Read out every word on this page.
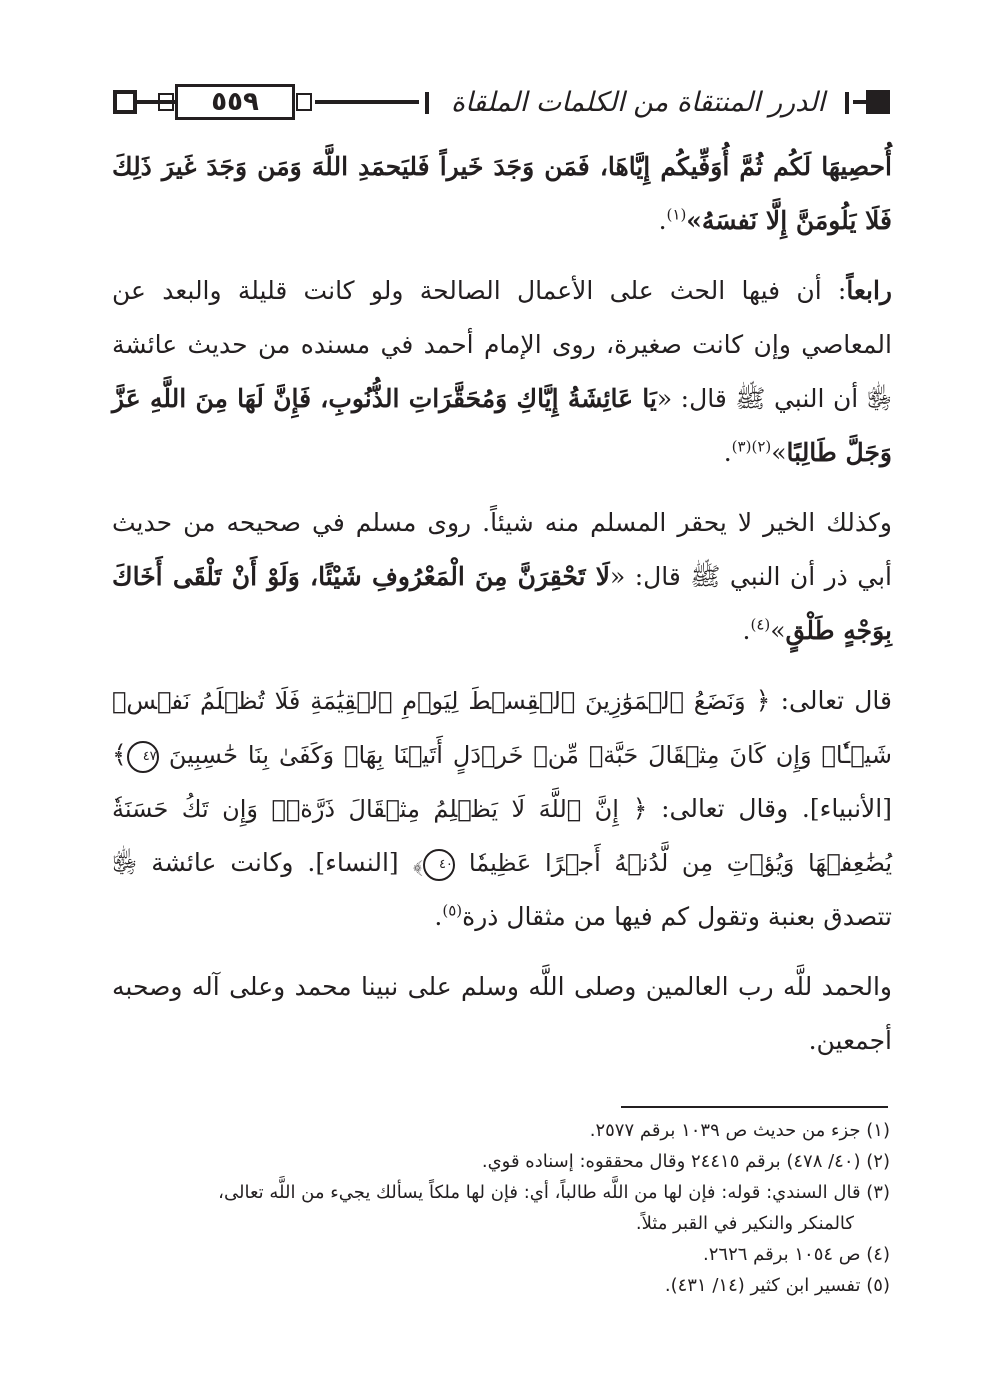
٥٥٩	الدرر المنتقاة من الكلمات الملقاة

أُحصِيهَا لَكُم ثُمَّ أُوَفِّيكُم إِيَّاهَا، فَمَن وَجَدَ خَيراً فَليَحمَدِ اللَّهَ وَمَن وَجَدَ غَيرَ ذَلِكَ فَلَا يَلُومَنَّ إِلَّا نَفسَهُ»$^{(١)}$.

رابعاً: أن فيها الحث على الأعمال الصالحة ولو كانت قليلة والبعد عن المعاصي وإن كانت صغيرة، روى الإمام أحمد في مسنده من حديث عائشة ﵂ أن النبي ﷺ قال: «يَا عَائِشَةُ إِيَّاكِ وَمُحَقَّرَاتِ الذُّنُوبِ، فَإِنَّ لَهَا مِنَ اللَّهِ عَزَّ وَجَلَّ طَالِبًا»$^{(٢)(٣)}$.

وكذلك الخير لا يحقر المسلم منه شيئاً. روى مسلم في صحيحه من حديث أبي ذر أن النبي ﷺ قال: «لَا تَحْقِرَنَّ مِنَ الْمَعْرُوفِ شَيْئًا، وَلَوْ أَنْ تَلْقَى أَخَاكَ بِوَجْهٍ طَلْقٍ»$^{(٤)}$.

قال تعالى: ﴿ وَنَضَعُ ٱلۡمَوَٰزِينَ ٱلۡقِسۡطَ لِيَوۡمِ ٱلۡقِيَٰمَةِ فَلَا تُظۡلَمُ نَفۡسٞ شَيۡـٔٗاۖ وَإِن كَانَ مِثۡقَالَ حَبَّةٖ مِّنۡ خَرۡدَلٍ أَتَيۡنَا بِهَاۗ وَكَفَىٰ بِنَا حَٰسِبِينَ ٤٧﴾ [الأنبياء]. وقال تعالى: ﴿ إِنَّ ٱللَّهَ لَا يَظۡلِمُ مِثۡقَالَ ذَرَّةٖۖ وَإِن تَكُ حَسَنَةٗ يُضَٰعِفۡهَا وَيُؤۡتِ مِن لَّدُنۡهُ أَجۡرًا عَظِيمٗا ٤٠﴾ [النساء]. وكانت عائشة ﵂ تتصدق بعنبة وتقول كم فيها من مثقال ذرة$^{(٥)}$.

والحمد للَّه رب العالمين وصلى اللَّه وسلم على نبينا محمد وعلى آله وصحبه أجمعين.

(١) جزء من حديث ص ١٠٣٩ برقم ٢٥٧٧.

(٢) (٤٠/ ٤٧٨) برقم ٢٤٤١٥ وقال محققوه: إسناده قوي.

(٣) قال السندي: قوله: فإن لها من اللَّه طالباً، أي: فإن لها ملكاً يسألك يجيء من اللَّه تعالى،

كالمنكر والنكير في القبر مثلاً.

(٤) ص ١٠٥٤ برقم ٢٦٢٦.

(٥) تفسير ابن كثير (١٤/ ٤٣١).
